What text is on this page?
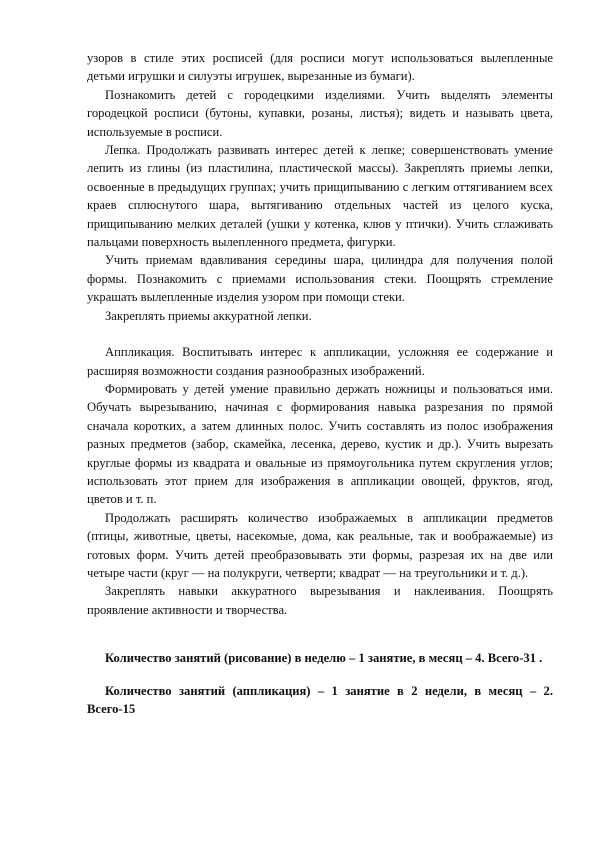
узоров в стиле этих росписей (для росписи могут использоваться вылепленные детьми игрушки и силуэты игрушек, вырезанные из бумаги).

Познакомить детей с городецкими изделиями. Учить выделять элементы городецкой росписи (бутоны, купавки, розаны, листья); видеть и называть цвета, используемые в росписи.

Лепка. Продолжать развивать интерес детей к лепке; совершенствовать умение лепить из глины (из пластилина, пластической массы). Закреплять приемы лепки, освоенные в предыдущих группах; учить прищипыванию с легким оттягиванием всех краев сплюснутого шара, вытягиванию отдельных частей из целого куска, прищипыванию мелких деталей (ушки у котенка, клюв у птички). Учить сглаживать пальцами поверхность вылепленного предмета, фигурки.

Учить приемам вдавливания середины шара, цилиндра для получения полой формы. Познакомить с приемами использования стеки. Поощрять стремление украшать вылепленные изделия узором при помощи стеки.

Закреплять приемы аккуратной лепки.

Аппликация. Воспитывать интерес к аппликации, усложняя ее содержание и расширяя возможности создания разнообразных изображений.

Формировать у детей умение правильно держать ножницы и пользоваться ими. Обучать вырезыванию, начиная с формирования навыка разрезания по прямой сначала коротких, а затем длинных полос. Учить составлять из полос изображения разных предметов (забор, скамейка, лесенка, дерево, кустик и др.). Учить вырезать круглые формы из квадрата и овальные из прямоугольника путем скругления углов; использовать этот прием для изображения в аппликации овощей, фруктов, ягод, цветов и т. п.

Продолжать расширять количество изображаемых в аппликации предметов (птицы, животные, цветы, насекомые, дома, как реальные, так и воображаемые) из готовых форм. Учить детей преобразовывать эти формы, разрезая их на две или четыре части (круг — на полукруги, четверти; квадрат — на треугольники и т. д.).

Закреплять навыки аккуратного вырезывания и наклеивания. Поощрять проявление активности и творчества.

Количество занятий (рисование) в неделю – 1 занятие, в месяц – 4. Всего-31 .

Количество занятий (аппликация) – 1 занятие в 2 недели, в месяц – 2. Всего-15
